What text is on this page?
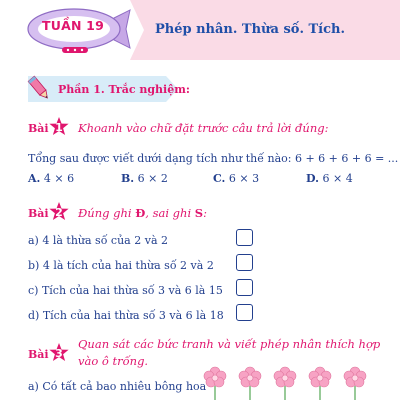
TUẦN 19	Phép nhân. Thừa số. Tích.
Phần 1. Trắc nghiệm:
Bài 1	Khoanh vào chữ đặt trước câu trả lời đúng:
Tổng sau được viết dưới dạng tích như thế nào: 6 + 6 + 6 + 6 = ...
A. 4 × 6	B. 6 × 2	C. 6 × 3	D. 6 × 4
Bài 2	Đúng ghi Đ, sai ghi S:
a) 4 là thừa số của 2 và 2
b) 4 là tích của hai thừa số 2 và 2
c) Tích của hai thừa số 3 và 6 là 15
d) Tích của hai thừa số 3 và 6 là 18
Bài 3
Quan sát các bức tranh và viết phép nhân thích hợp
vào ô trống.
a) Có tất cả bao nhiêu bông hoa
